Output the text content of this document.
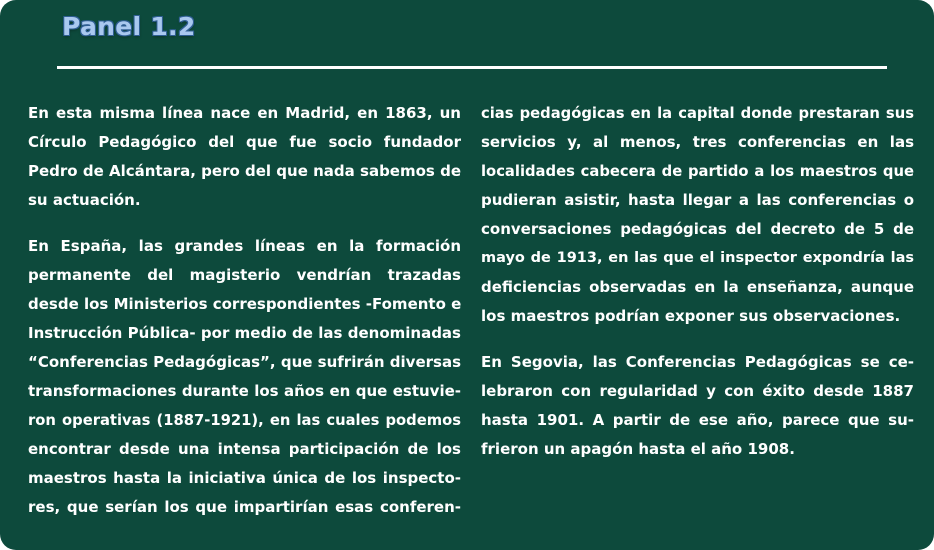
Panel 1.2
En esta misma línea nace en Madrid, en 1863, un
Círculo Pedagógico del que fue socio fundador
Pedro de Alcántara, pero del que nada sabemos de
su actuación.
En España, las grandes líneas en la formación
permanente del magisterio vendrían trazadas
desde los Ministerios correspondientes -Fomento e
Instrucción Pública- por medio de las denominadas
“Conferencias Pedagógicas”, que sufrirán diversas
transformaciones durante los años en que estuvie-
ron operativas (1887-1921), en las cuales podemos
encontrar desde una intensa participación de los
maestros hasta la iniciativa única de los inspecto-
res, que serían los que impartirían esas conferen-
cias pedagógicas en la capital donde prestaran sus
servicios y, al menos, tres conferencias en las
localidades cabecera de partido a los maestros que
pudieran asistir, hasta llegar a las conferencias o
conversaciones pedagógicas del decreto de 5 de
mayo de 1913, en las que el inspector expondría las
deficiencias observadas en la enseñanza, aunque
los maestros podrían exponer sus observaciones.
En Segovia, las Conferencias Pedagógicas se ce-
lebraron con regularidad y con éxito desde 1887
hasta 1901. A partir de ese año, parece que su-
frieron un apagón hasta el año 1908.
